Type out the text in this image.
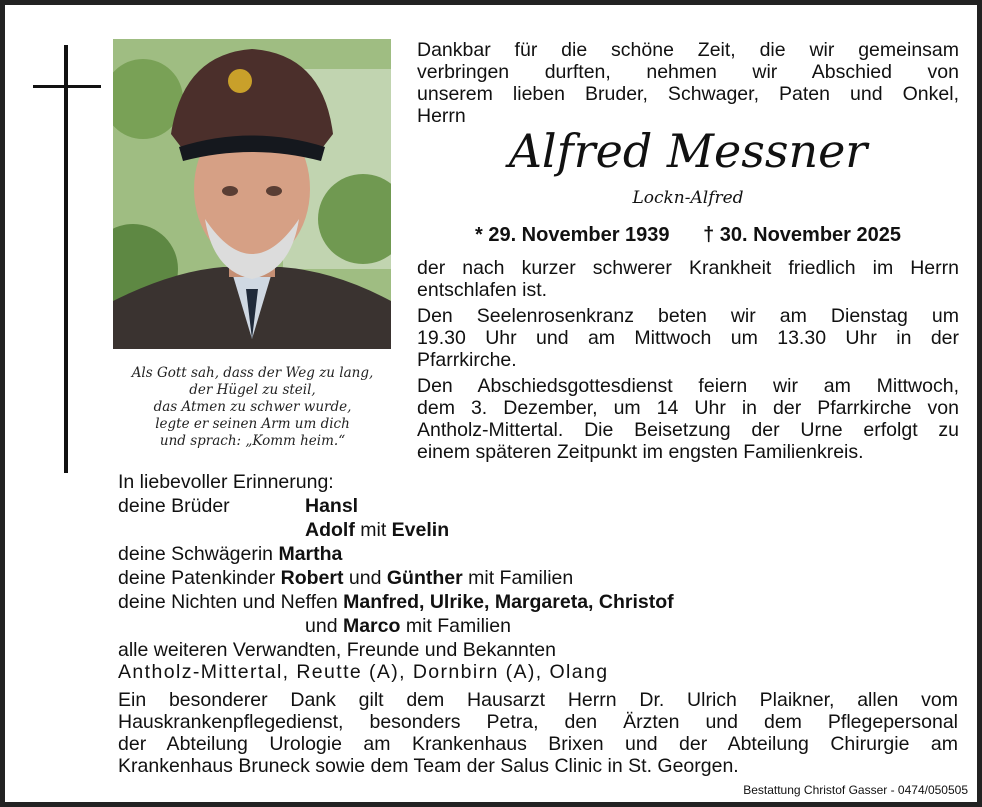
Als Gott sah, dass der Weg zu lang,
der Hügel zu steil,
das Atmen zu schwer wurde,
legte er seinen Arm um dich
und sprach: „Komm heim.“
Dankbar für die schöne Zeit, die wir gemeinsam
verbringen durften, nehmen wir Abschied von
unserem lieben Bruder, Schwager, Paten und Onkel,
Herrn
Alfred Messner
Lockn-Alfred
* 29. November 1939 † 30. November 2025
der nach kurzer schwerer Krankheit friedlich im Herrn
entschlafen ist.
Den Seelenrosenkranz beten wir am Dienstag um
19.30 Uhr und am Mittwoch um 13.30 Uhr in der
Pfarrkirche.
Den Abschiedsgottesdienst feiern wir am Mittwoch,
dem 3. Dezember, um 14 Uhr in der Pfarrkirche von
Antholz-Mittertal. Die Beisetzung der Urne erfolgt zu
einem späteren Zeitpunkt im engsten Familienkreis.
In liebevoller Erinnerung:
deine Brüder	Hansl
Adolf mit Evelin
deine Schwägerin Martha
deine Patenkinder Robert und Günther mit Familien
deine Nichten und Neffen Manfred, Ulrike, Margareta, Christof
und Marco mit Familien
alle weiteren Verwandten, Freunde und Bekannten
Antholz-Mittertal, Reutte (A), Dornbirn (A), Olang
Ein besonderer Dank gilt dem Hausarzt Herrn Dr. Ulrich Plaikner, allen vom
Hauskrankenpflegedienst, besonders Petra, den Ärzten und dem Pflegepersonal
der Abteilung Urologie am Krankenhaus Brixen und der Abteilung Chirurgie am
Krankenhaus Bruneck sowie dem Team der Salus Clinic in St. Georgen.
Bestattung Christof Gasser - 0474/050505
